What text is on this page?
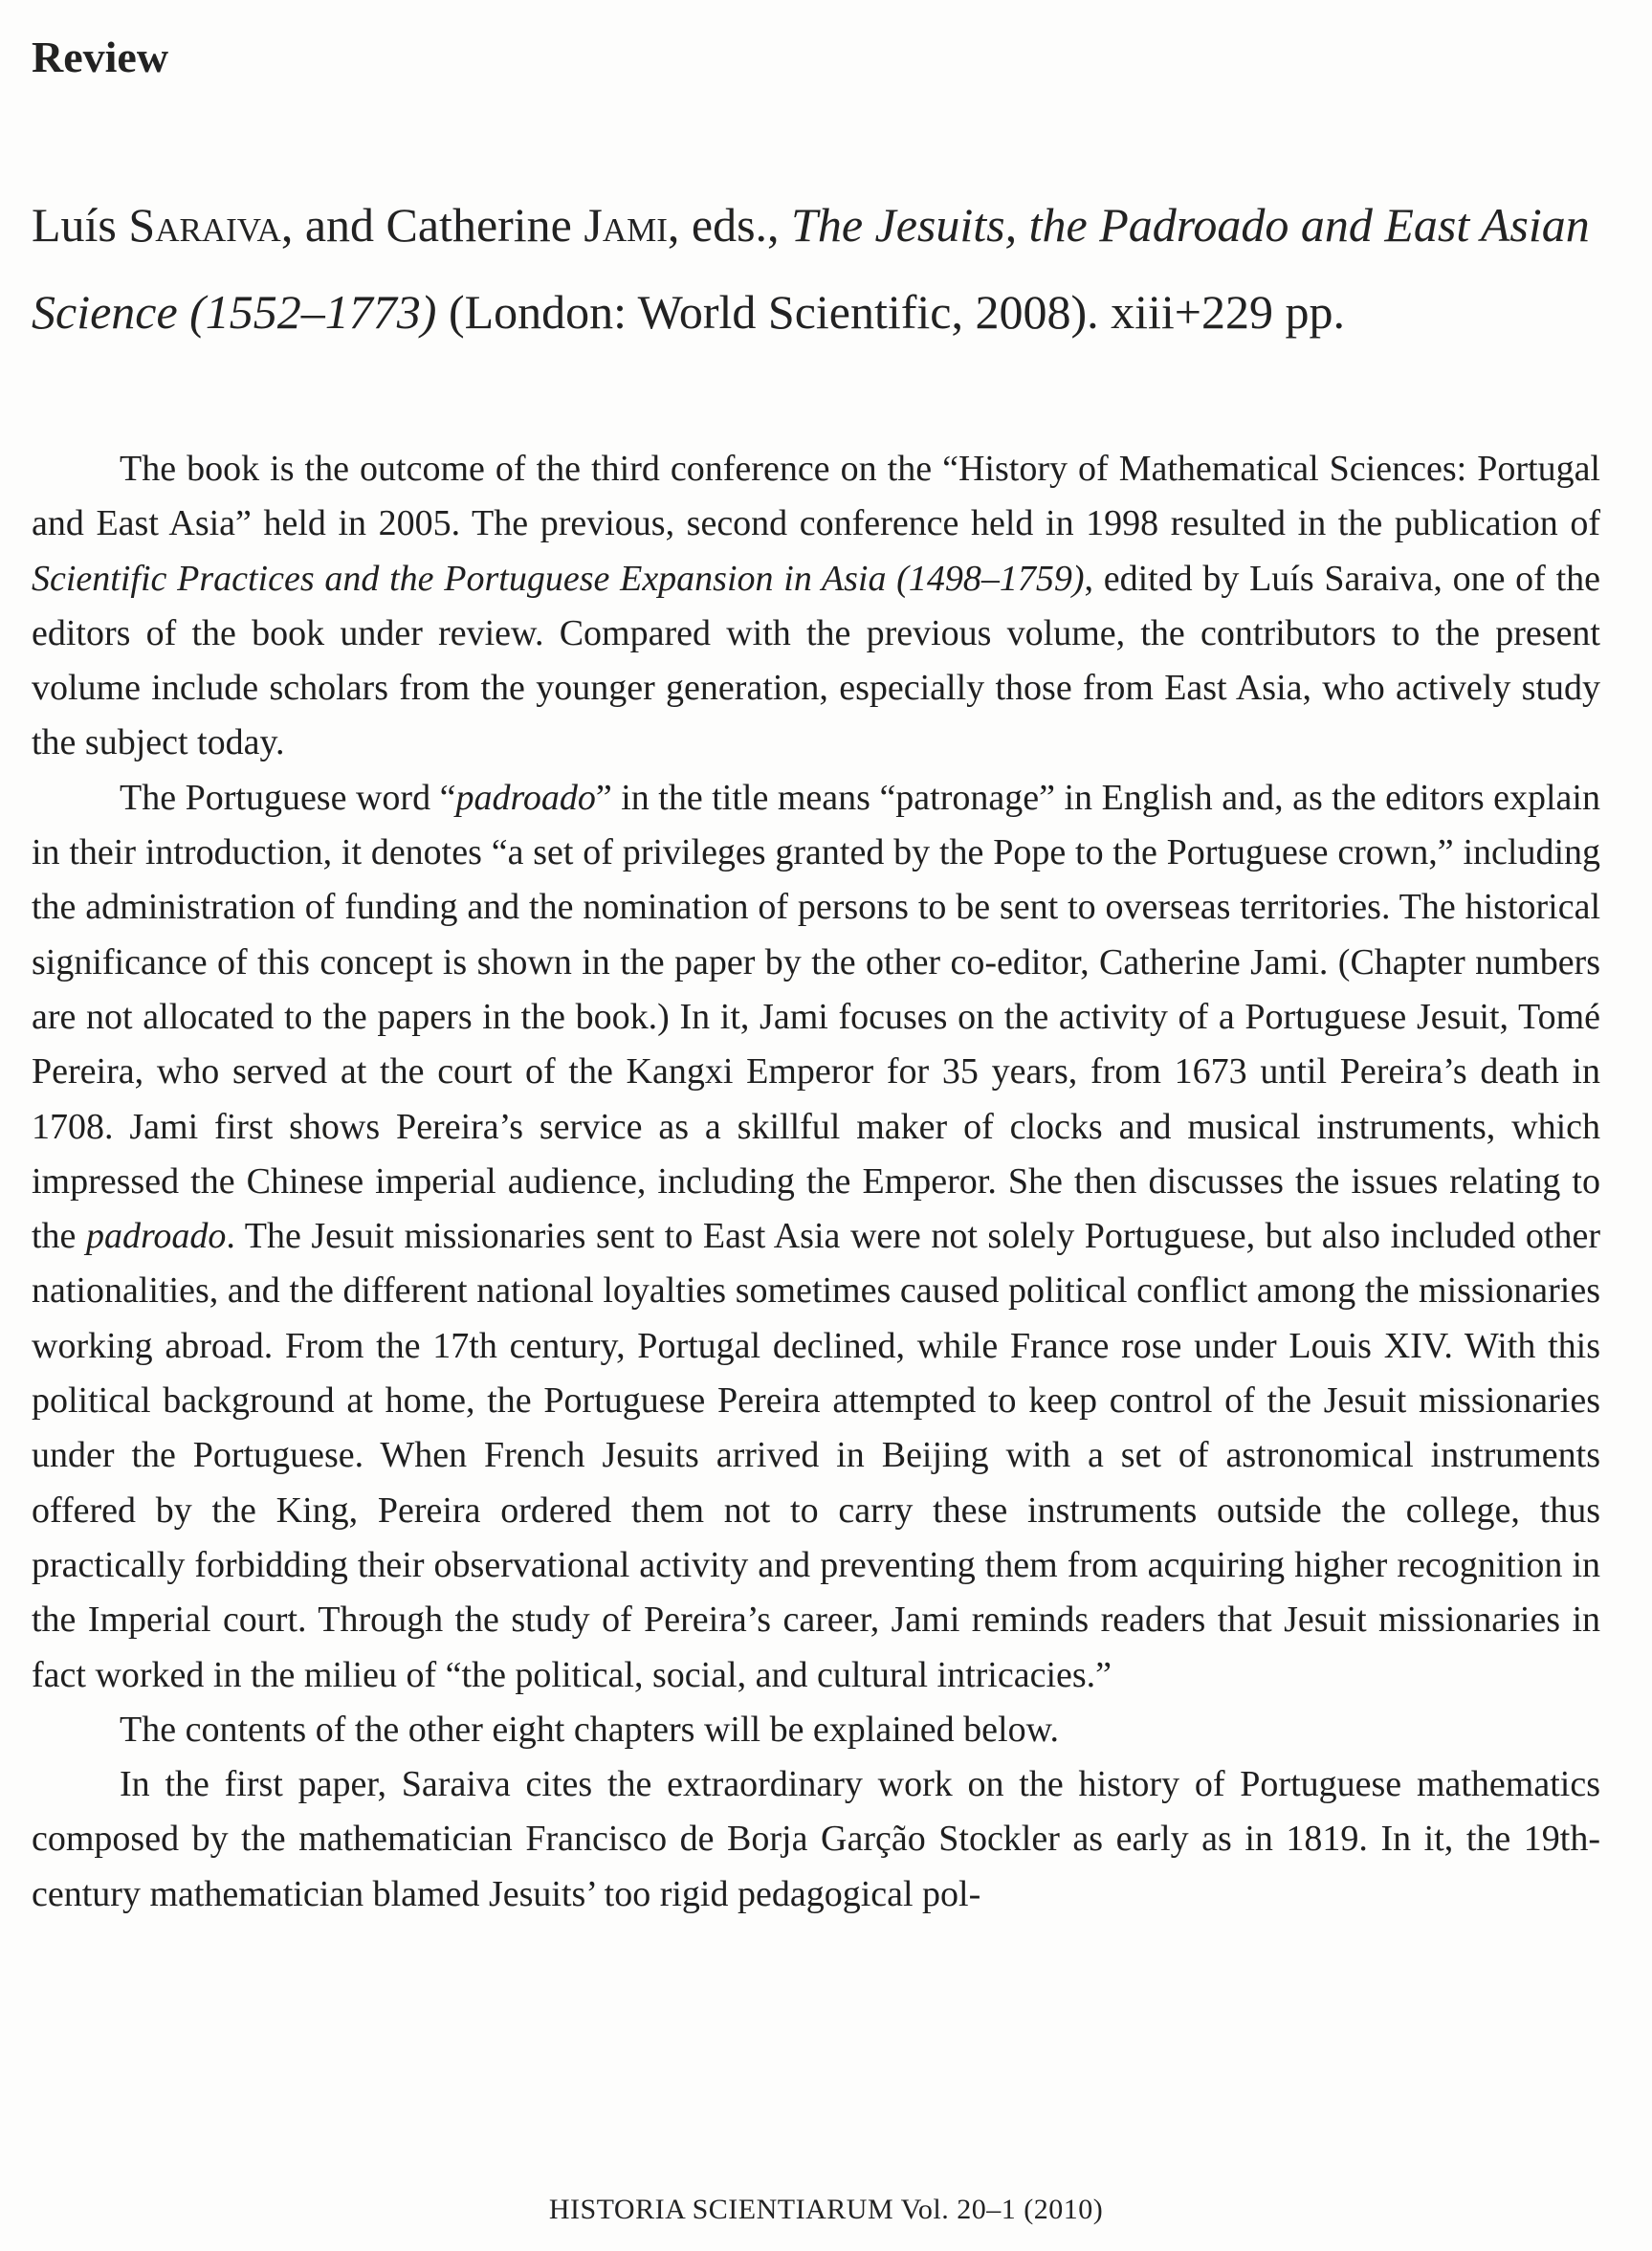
Review

Luís Saraiva, and Catherine Jami, eds., The Jesuits, the Padroado and East Asian Science (1552–1773) (London: World Scientific, 2008). xiii+229 pp.

The book is the outcome of the third conference on the “History of Mathematical Sciences: Portugal and East Asia” held in 2005. The previous, second conference held in 1998 resulted in the publication of Scientific Practices and the Portuguese Expansion in Asia (1498–1759), edited by Luís Saraiva, one of the editors of the book under review. Compared with the previous volume, the contributors to the present volume include scholars from the younger generation, especially those from East Asia, who actively study the subject today.

The Portuguese word “padroado” in the title means “patronage” in English and, as the editors explain in their introduction, it denotes “a set of privileges granted by the Pope to the Portuguese crown,” including the administration of funding and the nomination of persons to be sent to overseas territories. The historical significance of this concept is shown in the paper by the other co-editor, Catherine Jami. (Chapter numbers are not allocated to the papers in the book.) In it, Jami focuses on the activity of a Portuguese Jesuit, Tomé Pereira, who served at the court of the Kangxi Emperor for 35 years, from 1673 until Pereira’s death in 1708. Jami first shows Pereira’s service as a skillful maker of clocks and musical instruments, which impressed the Chinese imperial audience, including the Emperor. She then discusses the issues relating to the padroado. The Jesuit missionaries sent to East Asia were not solely Portuguese, but also included other nationalities, and the different national loyalties sometimes caused political conflict among the missionaries working abroad. From the 17th century, Portugal declined, while France rose under Louis XIV. With this political background at home, the Portuguese Pereira attempted to keep control of the Jesuit missionaries under the Portuguese. When French Jesuits arrived in Beijing with a set of astronomical instruments offered by the King, Pereira ordered them not to carry these instruments outside the college, thus practically forbidding their observational activity and preventing them from acquiring higher recognition in the Imperial court. Through the study of Pereira’s career, Jami reminds readers that Jesuit missionaries in fact worked in the milieu of “the political, social, and cultural intricacies.”

The contents of the other eight chapters will be explained below.

In the first paper, Saraiva cites the extraordinary work on the history of Portuguese mathematics composed by the mathematician Francisco de Borja Garção Stockler as early as in 1819. In it, the 19th-century mathematician blamed Jesuits’ too rigid pedagogical pol-

HISTORIA SCIENTIARUM Vol. 20–1 (2010)
